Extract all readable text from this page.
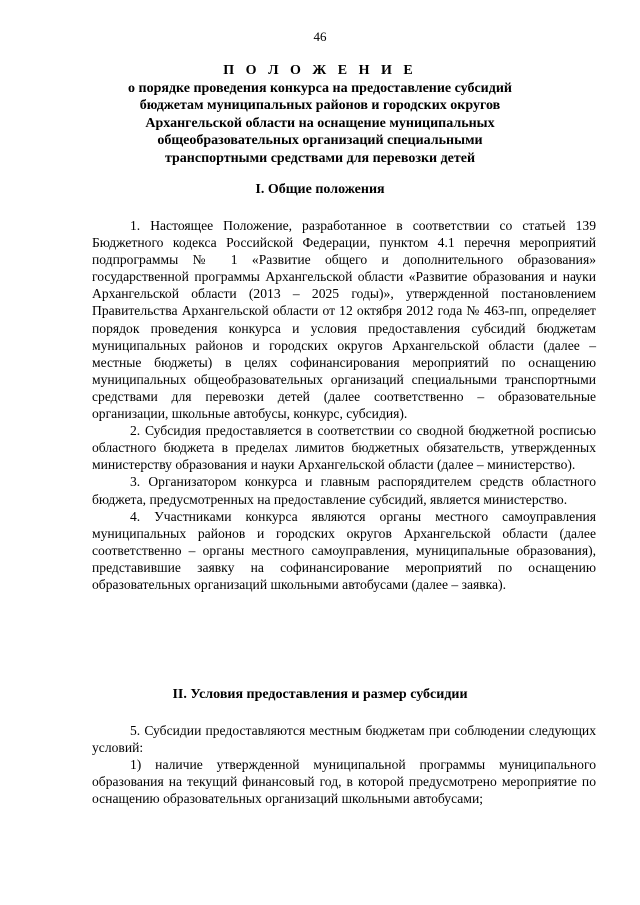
46
П О Л О Ж Е Н И Е
о порядке проведения конкурса на предоставление субсидий
бюджетам муниципальных районов и городских округов
Архангельской области на оснащение муниципальных
общеобразовательных организаций специальными
транспортными средствами для перевозки детей
I. Общие положения

1. Настоящее Положение, разработанное в соответствии со статьей 139 Бюджетного кодекса Российской Федерации, пунктом 4.1 перечня мероприятий подпрограммы № 1 «Развитие общего и дополнительного образования» государственной программы Архангельской области «Развитие образования и науки Архангельской области (2013 – 2025 годы)», утвержденной постановлением Правительства Архангельской области от 12 октября 2012 года № 463-пп, определяет порядок проведения конкурса и условия предоставления субсидий бюджетам муниципальных районов и городских округов Архангельской области (далее – местные бюджеты) в целях софинансирования мероприятий по оснащению муниципальных общеобразовательных организаций специальными транспортными средствами для перевозки детей (далее соответственно – образовательные организации, школьные автобусы, конкурс, субсидия).

2. Субсидия предоставляется в соответствии со сводной бюджетной росписью областного бюджета в пределах лимитов бюджетных обязательств, утвержденных министерству образования и науки Архангельской области (далее – министерство).

3. Организатором конкурса и главным распорядителем средств областного бюджета, предусмотренных на предоставление субсидий, является министерство.

4. Участниками конкурса являются органы местного самоуправления муниципальных районов и городских округов Архангельской области (далее соответственно – органы местного самоуправления, муниципальные образования), представившие заявку на софинансирование мероприятий по оснащению образовательных организаций школьными автобусами (далее – заявка).

II. Условия предоставления и размер субсидии

5. Субсидии предоставляются местным бюджетам при соблюдении следующих условий:

1) наличие утвержденной муниципальной программы муниципального образования на текущий финансовый год, в которой предусмотрено мероприятие по оснащению образовательных организаций школьными автобусами;
